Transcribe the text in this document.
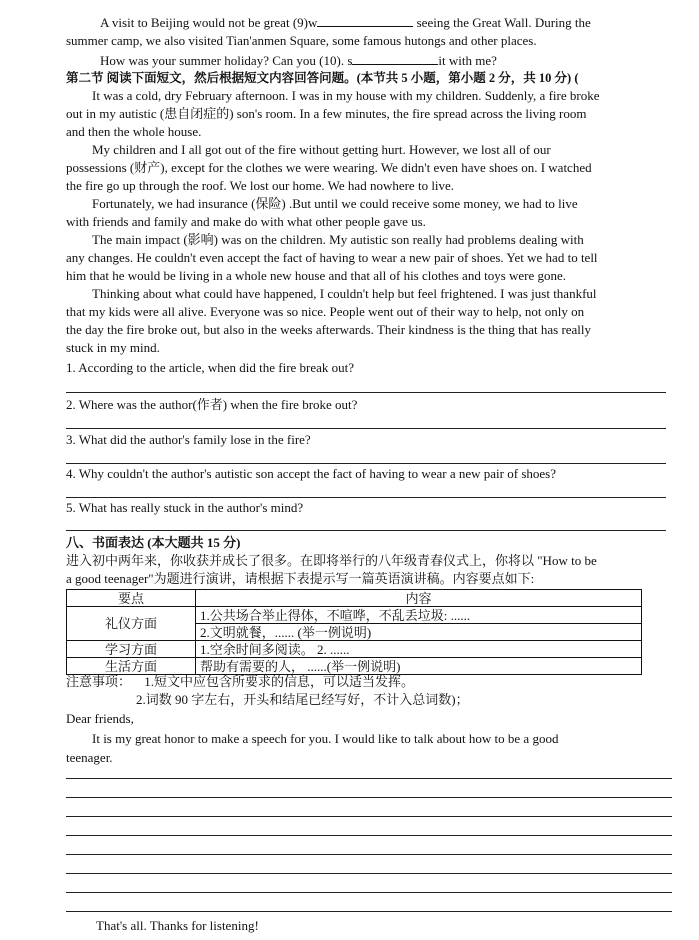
A visit to Beijing would not be great (9)w	seeing the Great Wall. During the
summer camp, we also visited Tian'anmen Square, some famous hutongs and other places.
How was your summer holiday? Can you (10). s	it with me?
第二节 阅读下面短文，然后根据短文内容回答问题。(本节共 5 小题，第小题 2 分，共 10 分) (
It was a cold, dry February afternoon. I was in my house with my children. Suddenly, a fire broke
out in my autistic (患自闭症的) son's room. In a few minutes, the fire spread across the living room
and then the whole house.
My children and I all got out of the fire without getting hurt. However, we lost all of our
possessions (财产), except for the clothes we were wearing. We didn't even have shoes on. I watched
the fire go up through the roof. We lost our home. We had nowhere to live.
Fortunately, we had insurance (保险) .But until we could receive some money, we had to live
with friends and family and make do with what other people gave us.
The main impact (影响) was on the children. My autistic son really had problems dealing with
any changes. He couldn't even accept the fact of having to wear a new pair of shoes. Yet we had to tell
him that he would be living in a whole new house and that all of his clothes and toys were gone.
Thinking about what could have happened, I couldn't help but feel frightened. I was just thankful
that my kids were all alive. Everyone was so nice. People went out of their way to help, not only on
the day the fire broke out, but also in the weeks afterwards. Their kindness is the thing that has really
stuck in my mind.
1. According to the article, when did the fire break out?
2. Where was the author(作者) when the fire broke out?
3. What did the author's family lose in the fire?
4. Why couldn't the author's autistic son accept the fact of having to wear a new pair of shoes?
5. What has really stuck in the author's mind?
八、书面表达 (本大题共 15 分)
进入初中两年来，你收获并成长了很多。在即将举行的八年级青春仪式上，你将以 "How to be
a good teenager"为题进行演讲，请根据下表提示写一篇英语演讲稿。内容要点如下:
要点	内容
礼仪方面	1.公共场合举止得体，不喧哗，不乱丢垃圾: ......
	2.文明就餐，...... (举一例说明)
学习方面	1.空余时间多阅读。 2. ......
生活方面	帮助有需要的人， ......(举一例说明)
注意事项： 1.短文中应包含所要求的信息，可以适当发挥。
2.词数 90 字左右，开头和结尾已经写好，不计入总词数)；
Dear friends,
It is my great honor to make a speech for you. I would like to talk about how to be a good
teenager.
That's all. Thanks for listening!
